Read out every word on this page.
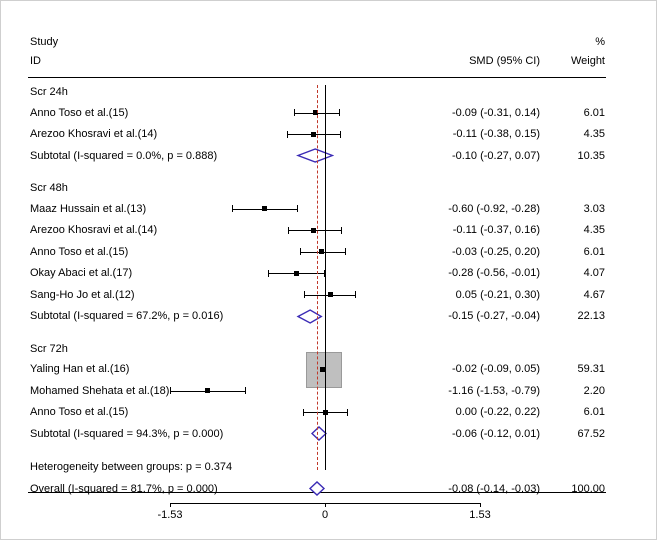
Study
ID	SMD (95% CI)
%
Weight
Scr 24h
Anno Toso et al.(15)	-0.09 (-0.31, 0.14)	6.01
Arezoo Khosravi et al.(14)	-0.11 (-0.38, 0.15)	4.35
Subtotal (I-squared = 0.0%, p = 0.888)	-0.10 (-0.27, 0.07)	10.35
Scr 48h
Maaz Hussain et al.(13)	-0.60 (-0.92, -0.28)	3.03
Arezoo Khosravi et al.(14)	-0.11 (-0.37, 0.16)	4.35
Anno Toso et al.(15)	-0.03 (-0.25, 0.20)	6.01
Okay Abaci et al.(17)	-0.28 (-0.56, -0.01)	4.07
Sang-Ho Jo et al.(12)	0.05 (-0.21, 0.30)	4.67
Subtotal (I-squared = 67.2%, p = 0.016)	-0.15 (-0.27, -0.04)	22.13
Scr 72h
Yaling Han et al.(16)	-0.02 (-0.09, 0.05)	59.31
Mohamed Shehata et al.(18)	-1.16 (-1.53, -0.79)	2.20
Anno Toso et al.(15)	0.00 (-0.22, 0.22)	6.01
Subtotal (I-squared = 94.3%, p = 0.000)	-0.06 (-0.12, 0.01)	67.52
Heterogeneity between groups: p = 0.374
Overall (I-squared = 81.7%, p = 0.000)	-0.08 (-0.14, -0.03)	100.00
-1.53	0	1.53
